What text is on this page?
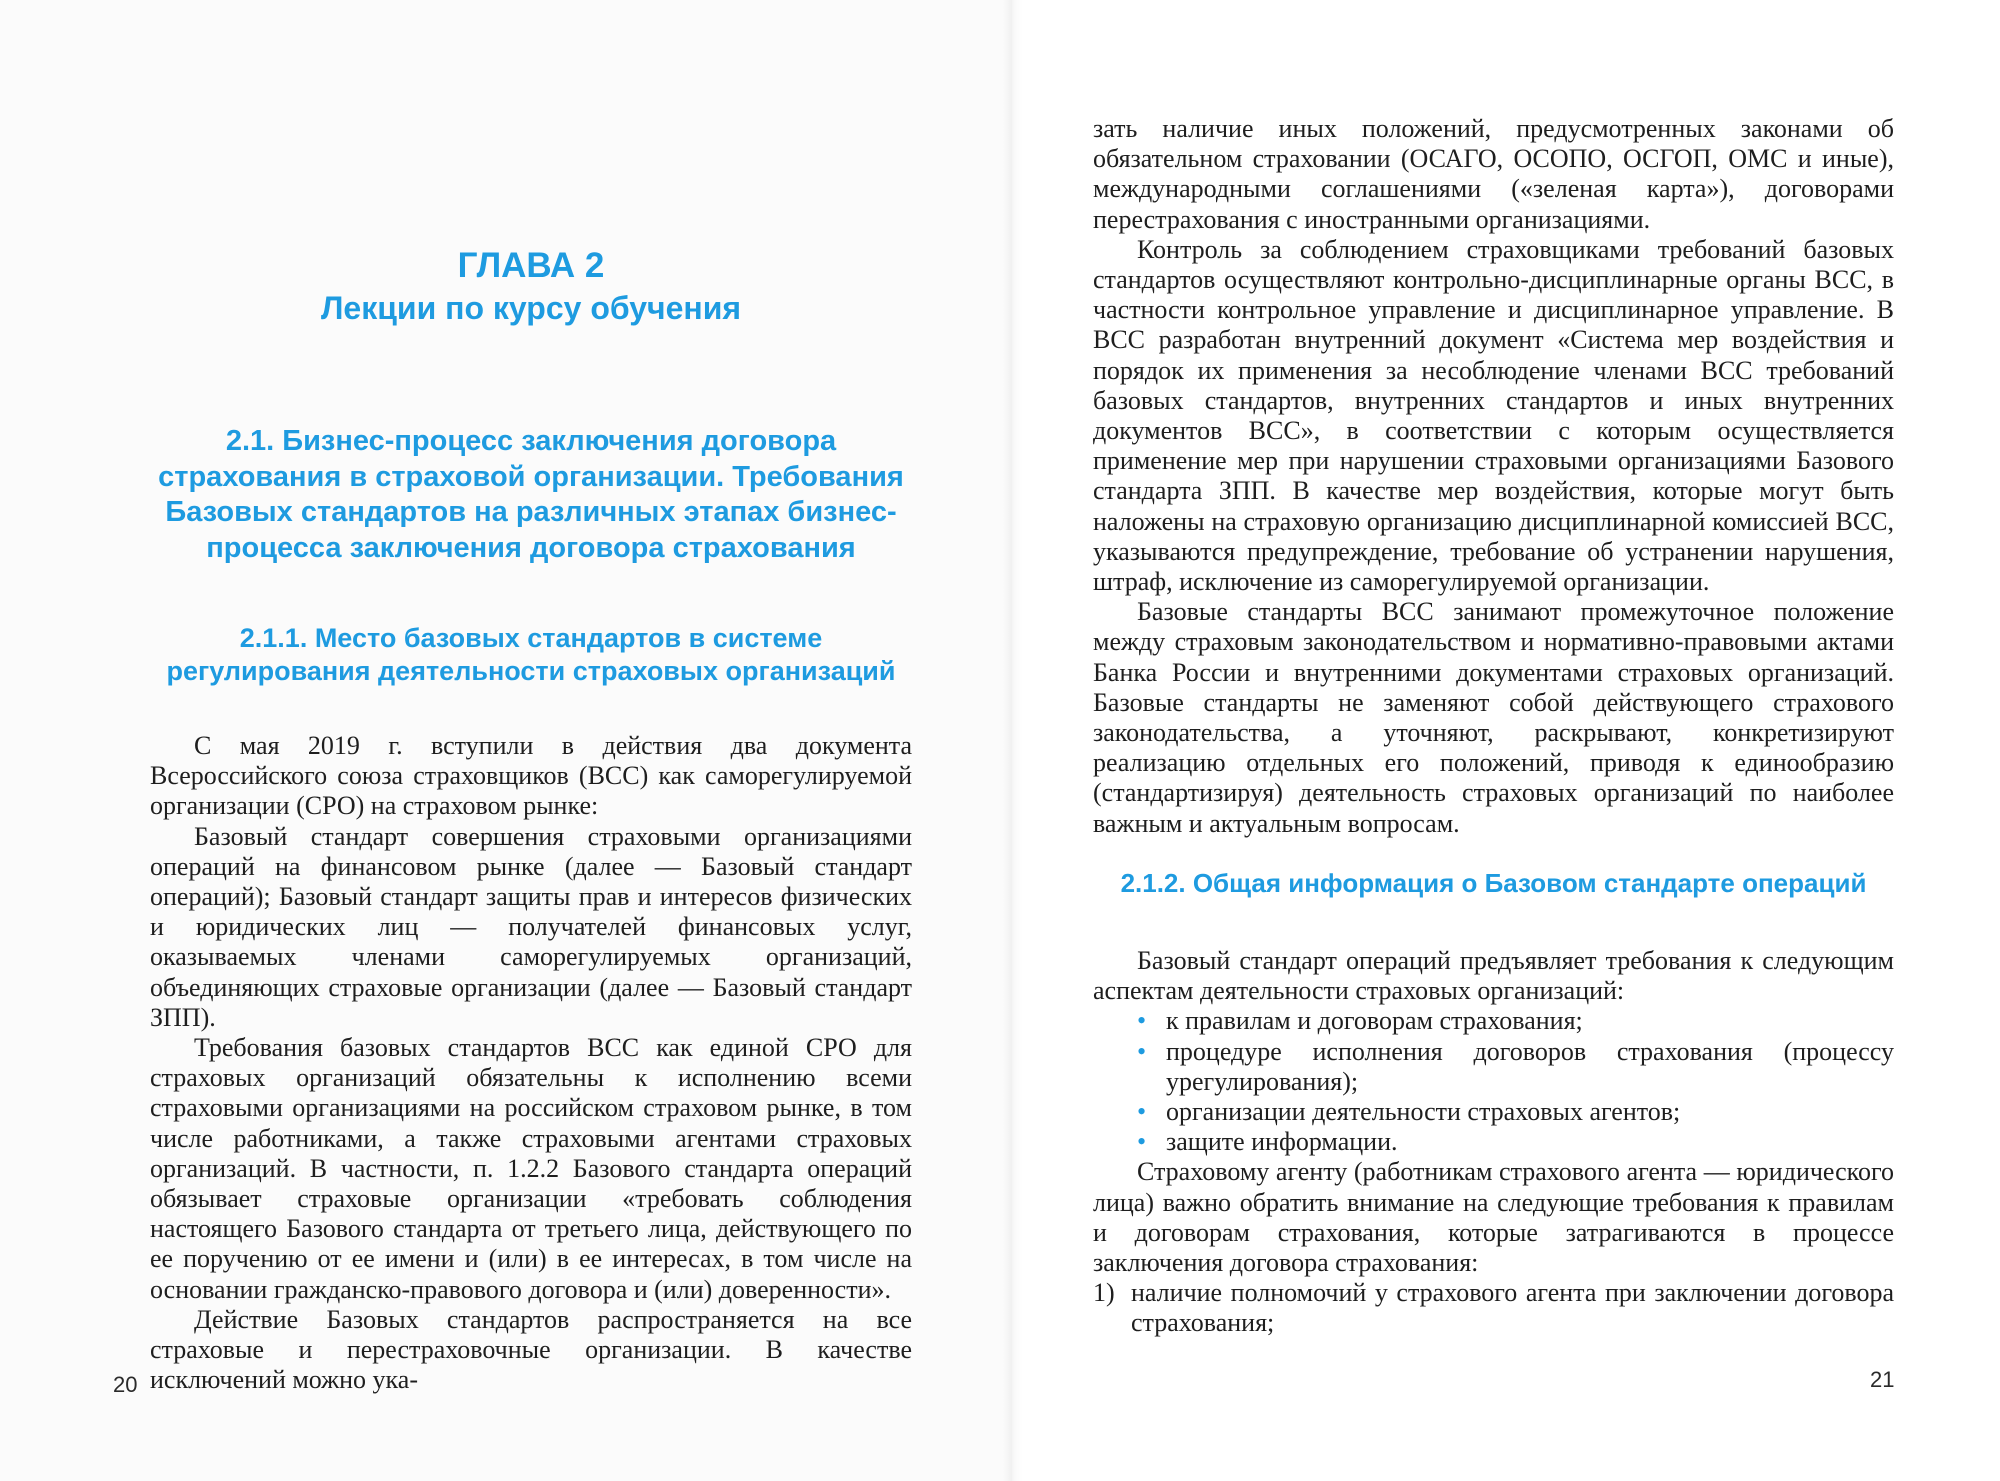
ГЛАВА 2
Лекции по курсу обучения
2.1. Бизнес-процесс заключения договора страхования в страховой организации. Требования Базовых стандартов на различных этапах бизнес-процесса заключения договора страхования
2.1.1. Место базовых стандартов в системе регулирования деятельности страховых организаций

С мая 2019 г. вступили в действия два документа Всероссийского союза страховщиков (ВСС) как саморегулируемой организации (СРО) на страховом рынке:

Базовый стандарт совершения страховыми организациями операций на финансовом рынке (далее — Базовый стандарт операций); Базовый стандарт защиты прав и интересов физических и юридических лиц — получателей финансовых услуг, оказываемых членами саморегулируемых организаций, объединяющих страховые организации (далее — Базовый стандарт ЗПП).

Требования базовых стандартов ВСС как единой СРО для страховых организаций обязательны к исполнению всеми страховыми организациями на российском страховом рынке, в том числе работниками, а также страховыми агентами страховых организаций. В частности, п. 1.2.2 Базового стандарта операций обязывает страховые организации «требовать соблюдения настоящего Базового стандарта от третьего лица, действующего по ее поручению от ее имени и (или) в ее интересах, в том числе на основании гражданско-правового договора и (или) доверенности».

Действие Базовых стандартов распространяется на все страховые и перестраховочные организации. В качестве исключений можно ука-

20

зать наличие иных положений, предусмотренных законами об обязательном страховании (ОСАГО, ОСОПО, ОСГОП, ОМС и иные), международными соглашениями («зеленая карта»), договорами перестрахования с иностранными организациями.

Контроль за соблюдением страховщиками требований базовых стандартов осуществляют контрольно-дисциплинарные органы ВСС, в частности контрольное управление и дисциплинарное управление. В ВСС разработан внутренний документ «Система мер воздействия и порядок их применения за несоблюдение членами ВСС требований базовых стандартов, внутренних стандартов и иных внутренних документов ВСС», в соответствии с которым осуществляется применение мер при нарушении страховыми организациями Базового стандарта ЗПП. В качестве мер воздействия, которые могут быть наложены на страховую организацию дисциплинарной комиссией ВСС, указываются предупреждение, требование об устранении нарушения, штраф, исключение из саморегулируемой организации.

Базовые стандарты ВСС занимают промежуточное положение между страховым законодательством и нормативно-правовыми актами Банка России и внутренними документами страховых организаций. Базовые стандарты не заменяют собой действующего страхового законодательства, а уточняют, раскрывают, конкретизируют реализацию отдельных его положений, приводя к единообразию (стандартизируя) деятельность страховых организаций по наиболее важным и актуальным вопросам.

2.1.2. Общая информация о Базовом стандарте операций

Базовый стандарт операций предъявляет требования к следующим аспектам деятельности страховых организаций:

• к правилам и договорам страхования;
• процедуре исполнения договоров страхования (процессу урегулирования);
• организации деятельности страховых агентов;
• защите информации.

Страховому агенту (работникам страхового агента — юридического лица) важно обратить внимание на следующие требования к правилам и договорам страхования, которые затрагиваются в процессе заключения договора страхования:

1) наличие полномочий у страхового агента при заключении договора страхования;
21
